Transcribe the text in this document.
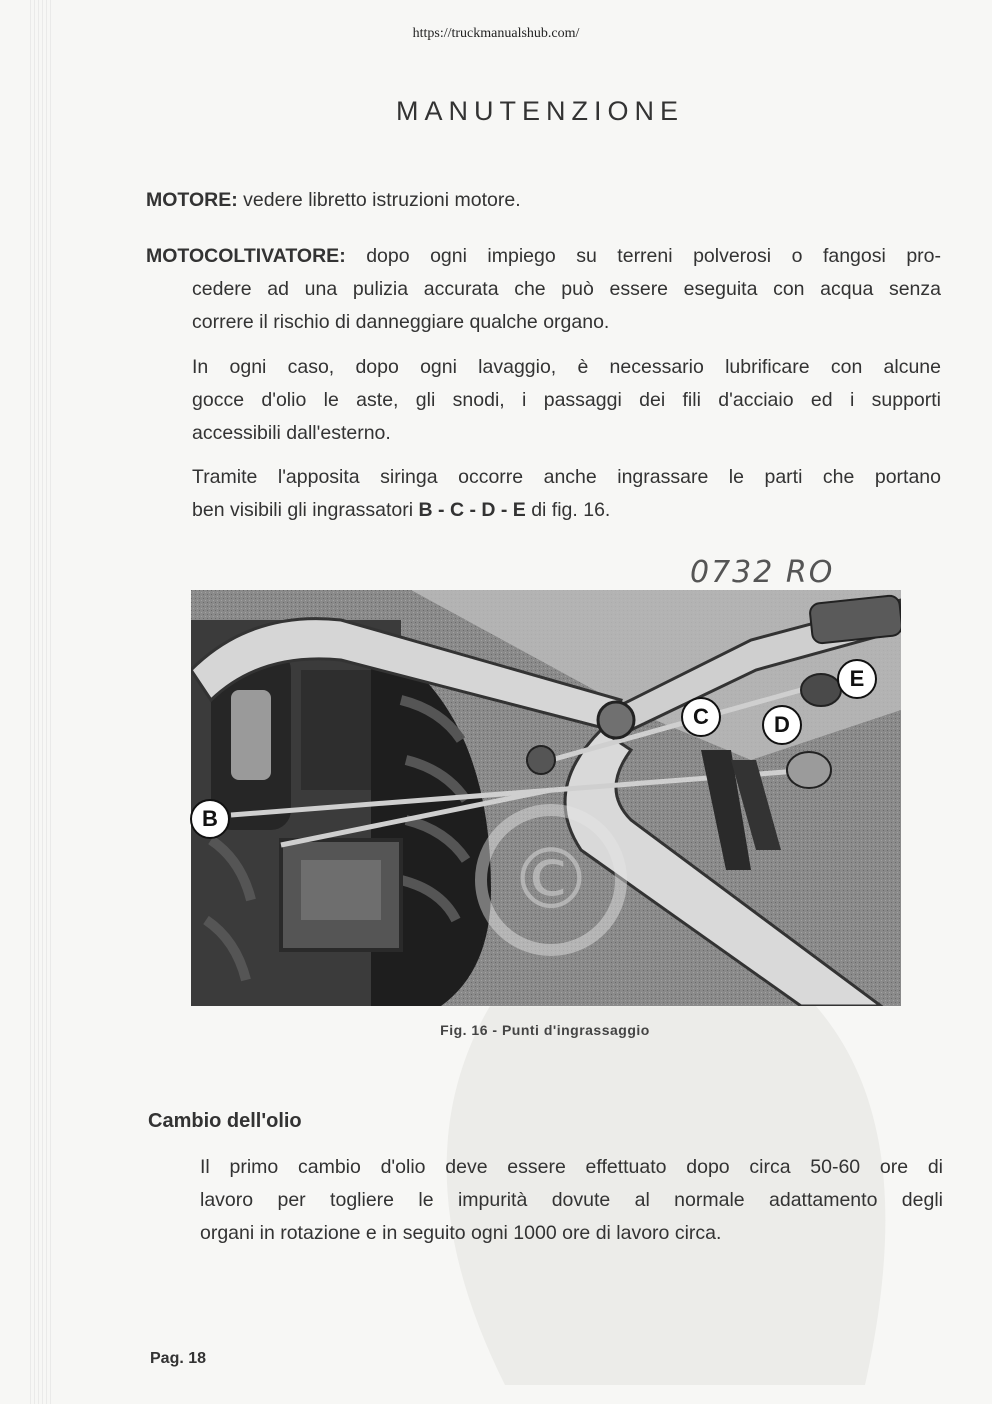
https://truckmanualshub.com/
MANUTENZIONE
MOTORE: vedere libretto istruzioni motore.
MOTOCOLTIVATORE: dopo ogni impiego su terreni polverosi o fangosi pro-
cedere ad una pulizia accurata che può essere eseguita con acqua senza
correre il rischio di danneggiare qualche organo.
In ogni caso, dopo ogni lavaggio, è necessario lubrificare con alcune
gocce d'olio le aste, gli snodi, i passaggi dei fili d'acciaio ed i supporti
accessibili dall'esterno.
Tramite l'apposita siringa occorre anche ingrassare le parti che portano
ben visibili gli ingrassatori B - C - D - E di fig. 16.
0732 RO
©
B
C	D
E
Fig. 16 - Punti d'ingrassaggio
Cambio dell'olio
Il primo cambio d'olio deve essere effettuato dopo circa 50-60 ore di
lavoro per togliere le impurità dovute al normale adattamento degli
organi in rotazione e in seguito ogni 1000 ore di lavoro circa.
Pag. 18
